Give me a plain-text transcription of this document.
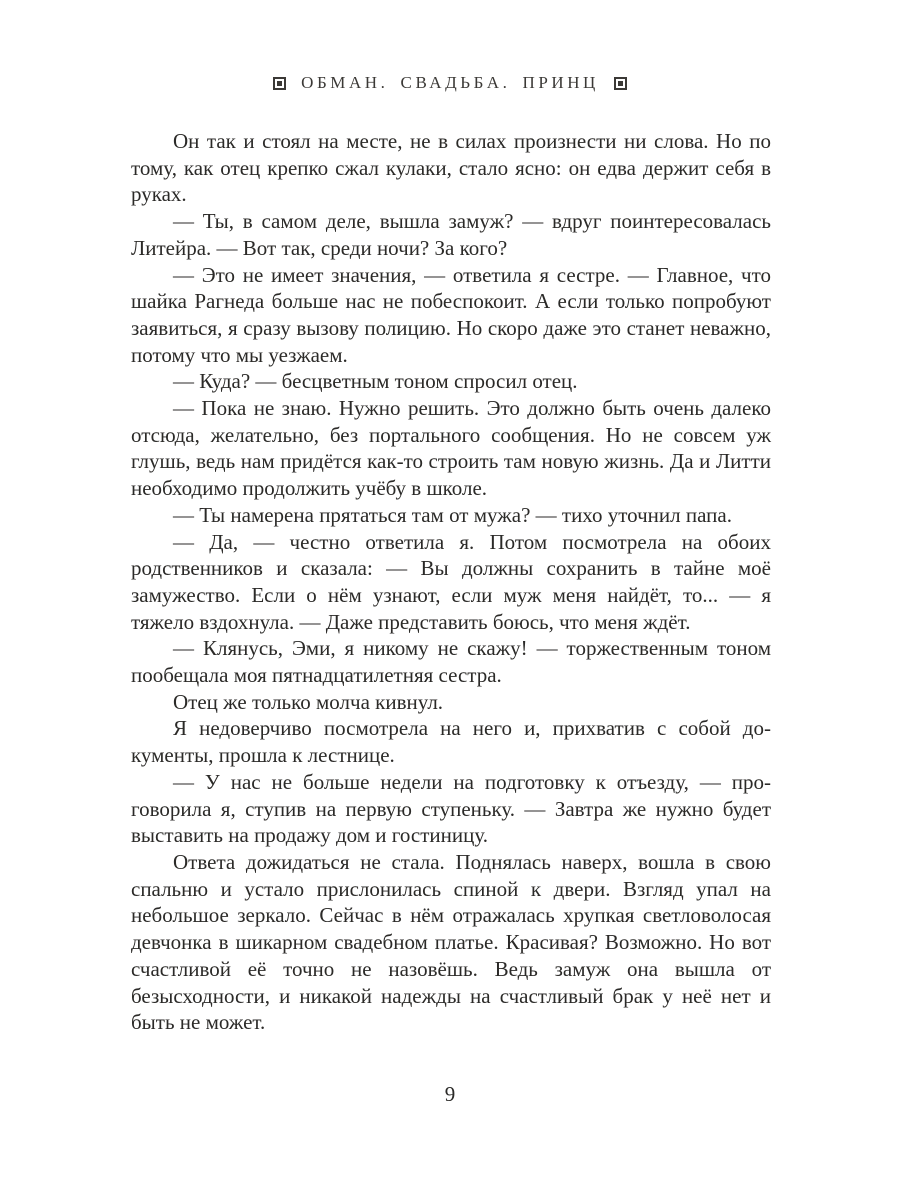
ОБМАН. СВАДЬБА. ПРИНЦ

Он так и стоял на месте, не в силах произнести ни слова. Но по тому, как отец крепко сжал кулаки, стало ясно: он едва держит себя в руках.

— Ты, в самом деле, вышла замуж? — вдруг поинтересовалась Литейра. — Вот так, среди ночи? За кого?

— Это не имеет значения, — ответила я сестре. — Главное, что шайка Рагнеда больше нас не побеспокоит. А если только попробуют заявиться, я сразу вызову полицию. Но скоро даже это станет неважно, потому что мы уезжаем.

— Куда? — бесцветным тоном спросил отец.

— Пока не знаю. Нужно решить. Это должно быть очень далеко отсюда, желательно, без портального сообщения. Но не совсем уж глушь, ведь нам придётся как-то строить там новую жизнь. Да и Литти необходимо продолжить учёбу в школе.

— Ты намерена прятаться там от мужа? — тихо уточнил папа.

— Да, — честно ответила я. Потом посмотрела на обоих родственников и сказала: — Вы должны сохранить в тайне моё замужество. Если о нём узнают, если муж меня найдёт, то... — я тяжело вздохнула. — Даже представить боюсь, что меня ждёт.

— Клянусь, Эми, я никому не скажу! — торжественным тоном пообещала моя пятнадцатилетняя сестра.

Отец же только молча кивнул.

Я недоверчиво посмотрела на него и, прихватив с собой документы, прошла к лестнице.

— У нас не больше недели на подготовку к отъезду, — проговорила я, ступив на первую ступеньку. — Завтра же нужно будет выставить на продажу дом и гостиницу.

Ответа дожидаться не стала. Поднялась наверх, вошла в свою спальню и устало прислонилась спиной к двери. Взгляд упал на небольшое зеркало. Сейчас в нём отражалась хрупкая светловолосая девчонка в шикарном свадебном платье. Красивая? Возможно. Но вот счастливой её точно не назовёшь. Ведь замуж она вышла от безысходности, и никакой надежды на счастливый брак у неё нет и быть не может.

9
